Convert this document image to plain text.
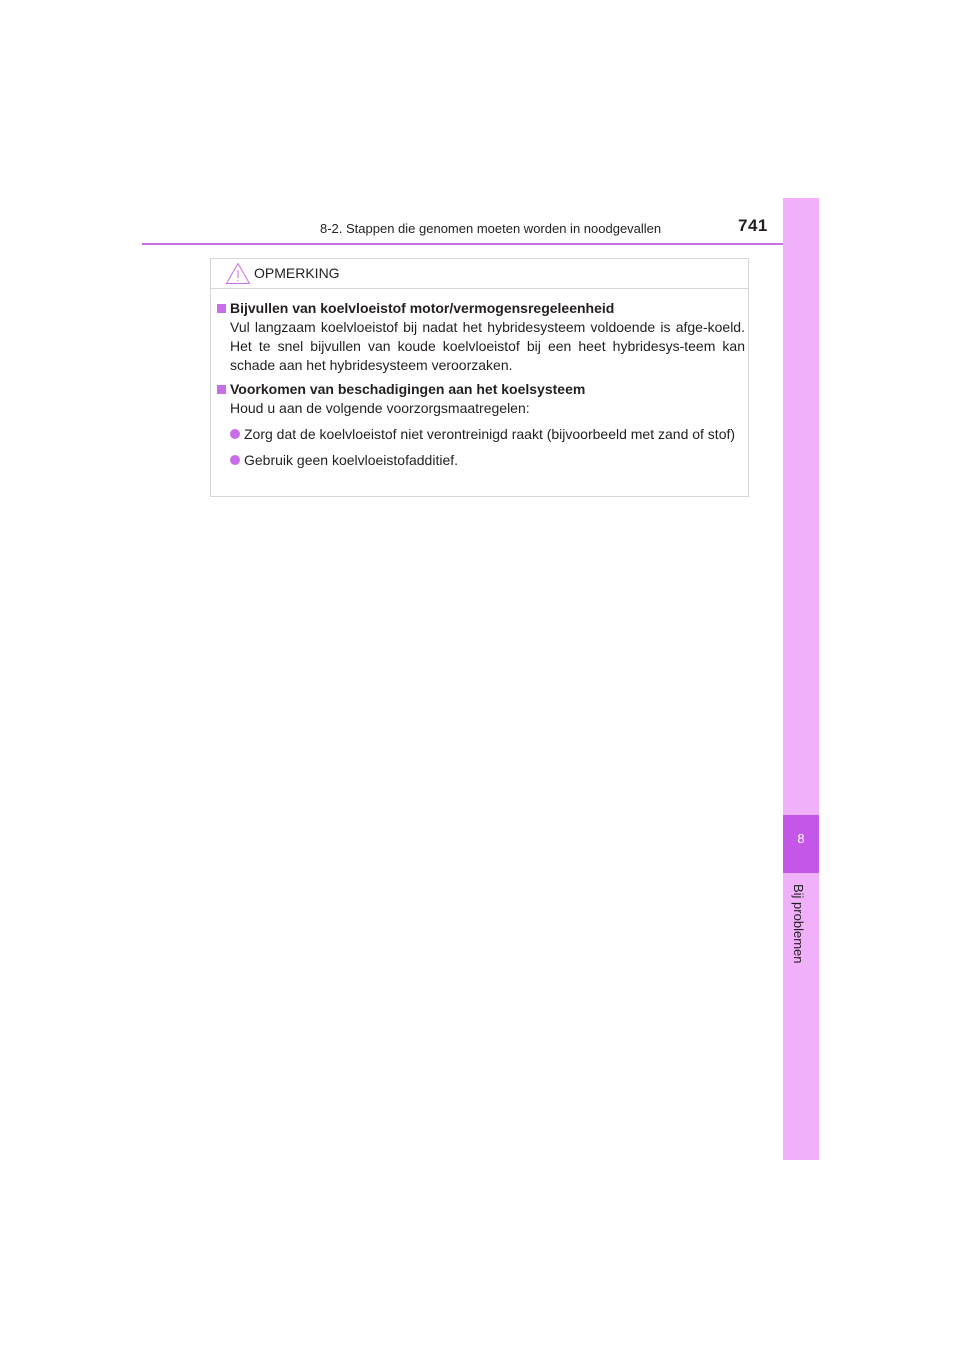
8-2. Stappen die genomen moeten worden in noodgevallen	741
8
Bij problemen
OPMERKING

Bijvullen van koelvloeistof motor/vermogensregeleenheid

Vul langzaam koelvloeistof bij nadat het hybridesysteem voldoende is afge-koeld. Het te snel bijvullen van koude koelvloeistof bij een heet hybridesys-teem kan schade aan het hybridesysteem veroorzaken.

Voorkomen van beschadigingen aan het koelsysteem

Houd u aan de volgende voorzorgsmaatregelen:

Zorg dat de koelvloeistof niet verontreinigd raakt (bijvoorbeeld met zand of stof)
Gebruik geen koelvloeistofadditief.
